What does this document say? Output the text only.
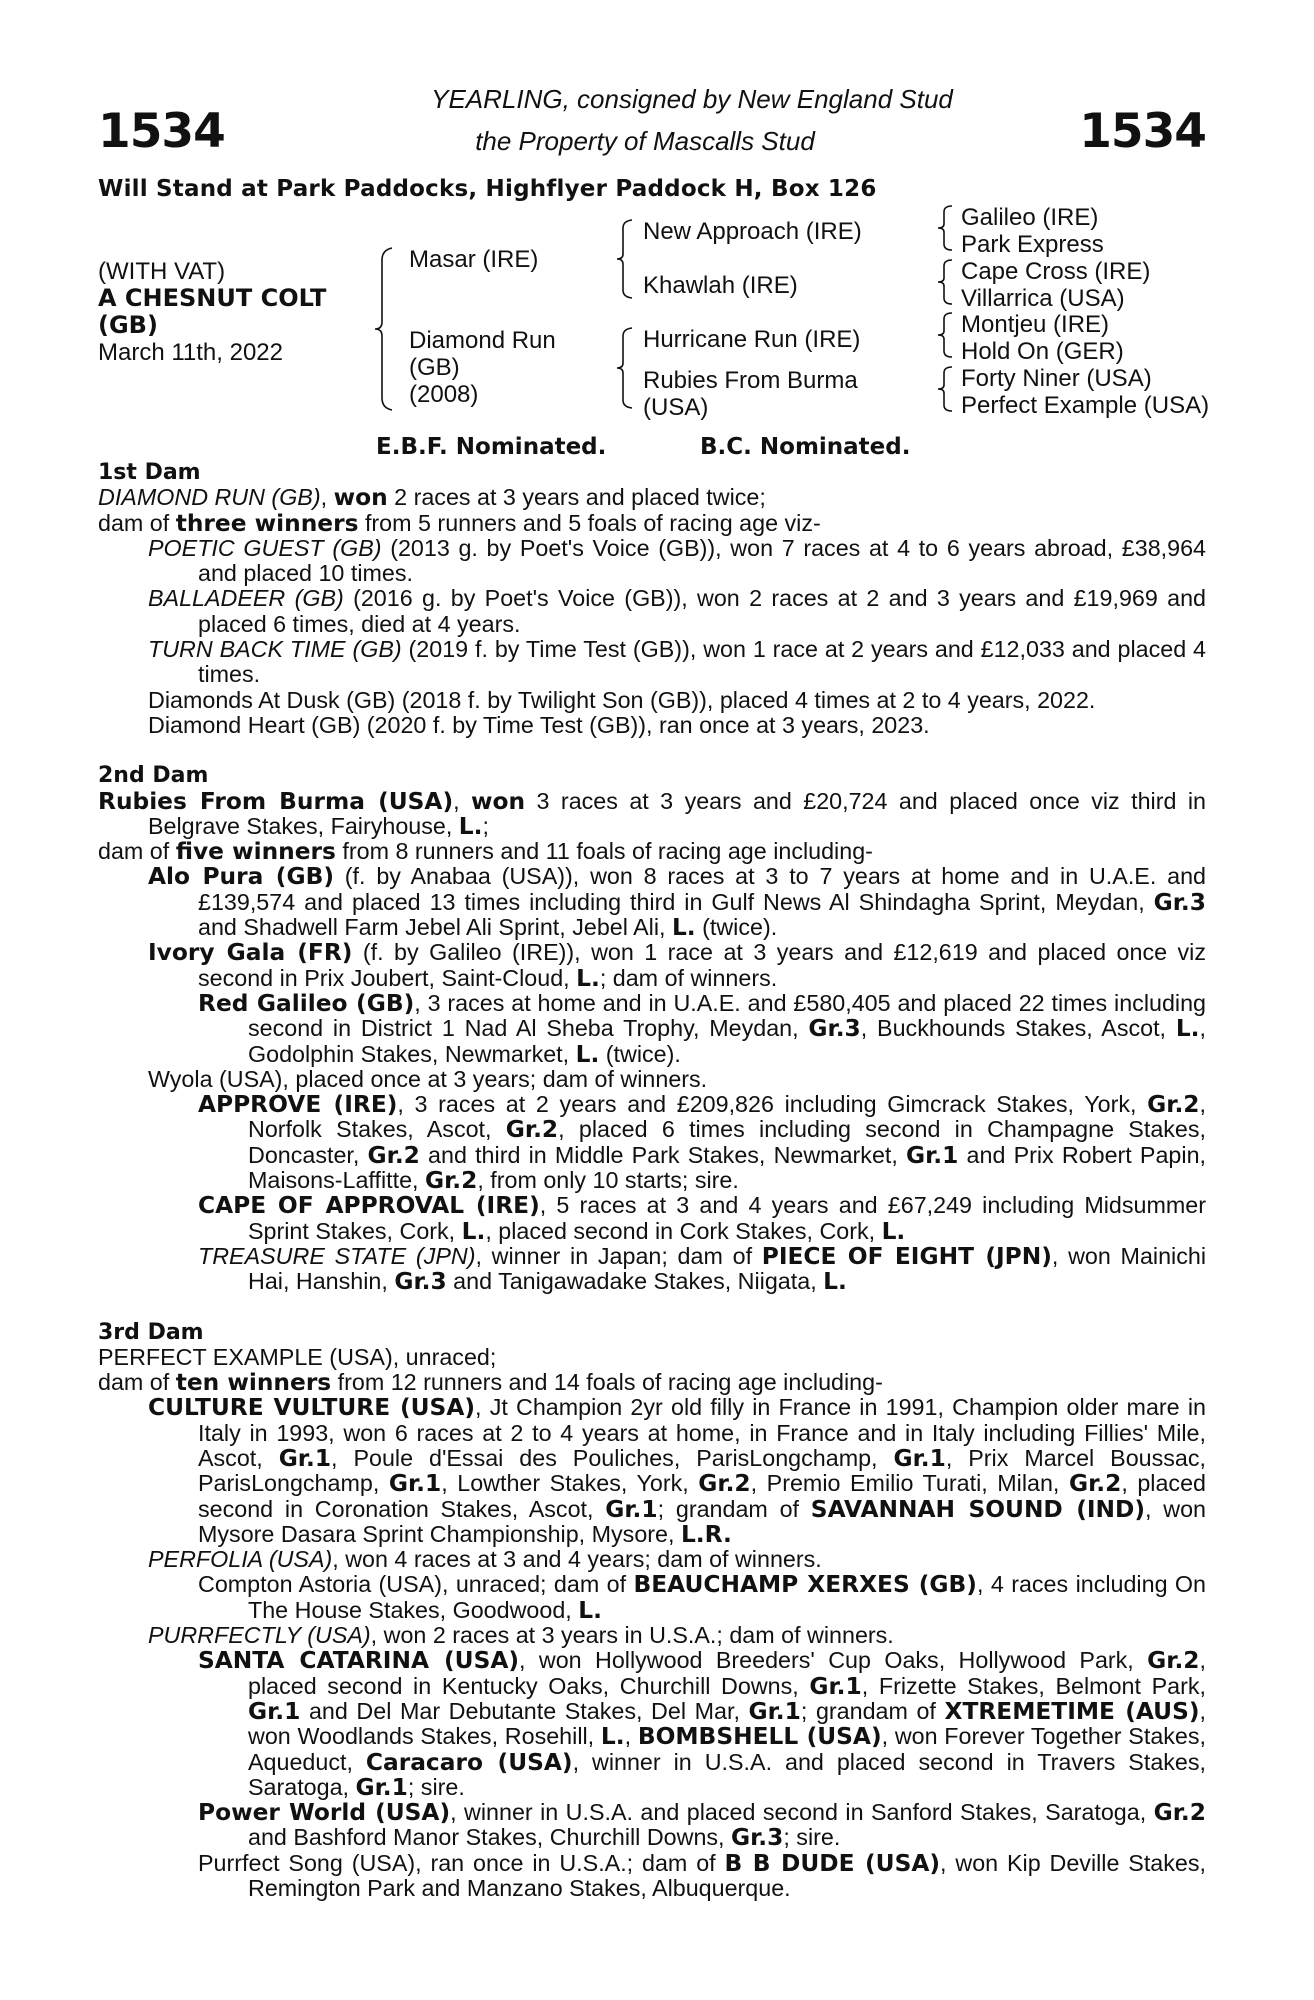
1534	1534
YEARLING, consigned by New England Stud
the Property of Mascalls Stud
Will Stand at Park Paddocks, Highflyer Paddock H, Box 126
(WITH VAT)
A CHESNUT COLT
(GB)
March 11th, 2022
Masar (IRE)
Diamond Run
(GB)
(2008)
New Approach (IRE)
Khawlah (IRE)
Hurricane Run (IRE)
Rubies From Burma
(USA)
Galileo (IRE)
Park Express
Cape Cross (IRE)
Villarrica (USA)
Montjeu (IRE)
Hold On (GER)
Forty Niner (USA)
Perfect Example (USA)
E.B.F. Nominated.	B.C. Nominated.

1st Dam

DIAMOND RUN (GB), won 2 races at 3 years and placed twice;

dam of three winners from 5 runners and 5 foals of racing age viz-

POETIC GUEST (GB) (2013 g. by Poet's Voice (GB)), won 7 races at 4 to 6 years abroad, £38,964 and placed 10 times.

BALLADEER (GB) (2016 g. by Poet's Voice (GB)), won 2 races at 2 and 3 years and £19,969 and placed 6 times, died at 4 years.

TURN BACK TIME (GB) (2019 f. by Time Test (GB)), won 1 race at 2 years and £12,033 and placed 4 times.

Diamonds At Dusk (GB) (2018 f. by Twilight Son (GB)), placed 4 times at 2 to 4 years, 2022.

Diamond Heart (GB) (2020 f. by Time Test (GB)), ran once at 3 years, 2023.

2nd Dam

Rubies From Burma (USA), won 3 races at 3 years and £20,724 and placed once viz third in Belgrave Stakes, Fairyhouse, L.;

dam of five winners from 8 runners and 11 foals of racing age including-

Alo Pura (GB) (f. by Anabaa (USA)), won 8 races at 3 to 7 years at home and in U.A.E. and £139,574 and placed 13 times including third in Gulf News Al Shindagha Sprint, Meydan, Gr.3 and Shadwell Farm Jebel Ali Sprint, Jebel Ali, L. (twice).

Ivory Gala (FR) (f. by Galileo (IRE)), won 1 race at 3 years and £12,619 and placed once viz second in Prix Joubert, Saint-Cloud, L.; dam of winners.

Red Galileo (GB), 3 races at home and in U.A.E. and £580,405 and placed 22 times including second in District 1 Nad Al Sheba Trophy, Meydan, Gr.3, Buckhounds Stakes, Ascot, L., Godolphin Stakes, Newmarket, L. (twice).

Wyola (USA), placed once at 3 years; dam of winners.

APPROVE (IRE), 3 races at 2 years and £209,826 including Gimcrack Stakes, York, Gr.2, Norfolk Stakes, Ascot, Gr.2, placed 6 times including second in Champagne Stakes, Doncaster, Gr.2 and third in Middle Park Stakes, Newmarket, Gr.1 and Prix Robert Papin, Maisons-Laffitte, Gr.2, from only 10 starts; sire.

CAPE OF APPROVAL (IRE), 5 races at 3 and 4 years and £67,249 including Midsummer Sprint Stakes, Cork, L., placed second in Cork Stakes, Cork, L.

TREASURE STATE (JPN), winner in Japan; dam of PIECE OF EIGHT (JPN), won Mainichi Hai, Hanshin, Gr.3 and Tanigawadake Stakes, Niigata, L.

3rd Dam

PERFECT EXAMPLE (USA), unraced;

dam of ten winners from 12 runners and 14 foals of racing age including-

CULTURE VULTURE (USA), Jt Champion 2yr old filly in France in 1991, Champion older mare in Italy in 1993, won 6 races at 2 to 4 years at home, in France and in Italy including Fillies' Mile, Ascot, Gr.1, Poule d'Essai des Pouliches, ParisLongchamp, Gr.1, Prix Marcel Boussac, ParisLongchamp, Gr.1, Lowther Stakes, York, Gr.2, Premio Emilio Turati, Milan, Gr.2, placed second in Coronation Stakes, Ascot, Gr.1; grandam of SAVANNAH SOUND (IND), won Mysore Dasara Sprint Championship, Mysore, L.R.

PERFOLIA (USA), won 4 races at 3 and 4 years; dam of winners.

Compton Astoria (USA), unraced; dam of BEAUCHAMP XERXES (GB), 4 races including On The House Stakes, Goodwood, L.

PURRFECTLY (USA), won 2 races at 3 years in U.S.A.; dam of winners.

SANTA CATARINA (USA), won Hollywood Breeders' Cup Oaks, Hollywood Park, Gr.2, placed second in Kentucky Oaks, Churchill Downs, Gr.1, Frizette Stakes, Belmont Park, Gr.1 and Del Mar Debutante Stakes, Del Mar, Gr.1; grandam of XTREMETIME (AUS), won Woodlands Stakes, Rosehill, L., BOMBSHELL (USA), won Forever Together Stakes, Aqueduct, Caracaro (USA), winner in U.S.A. and placed second in Travers Stakes, Saratoga, Gr.1; sire.

Power World (USA), winner in U.S.A. and placed second in Sanford Stakes, Saratoga, Gr.2 and Bashford Manor Stakes, Churchill Downs, Gr.3; sire.

Purrfect Song (USA), ran once in U.S.A.; dam of B B DUDE (USA), won Kip Deville Stakes, Remington Park and Manzano Stakes, Albuquerque.
